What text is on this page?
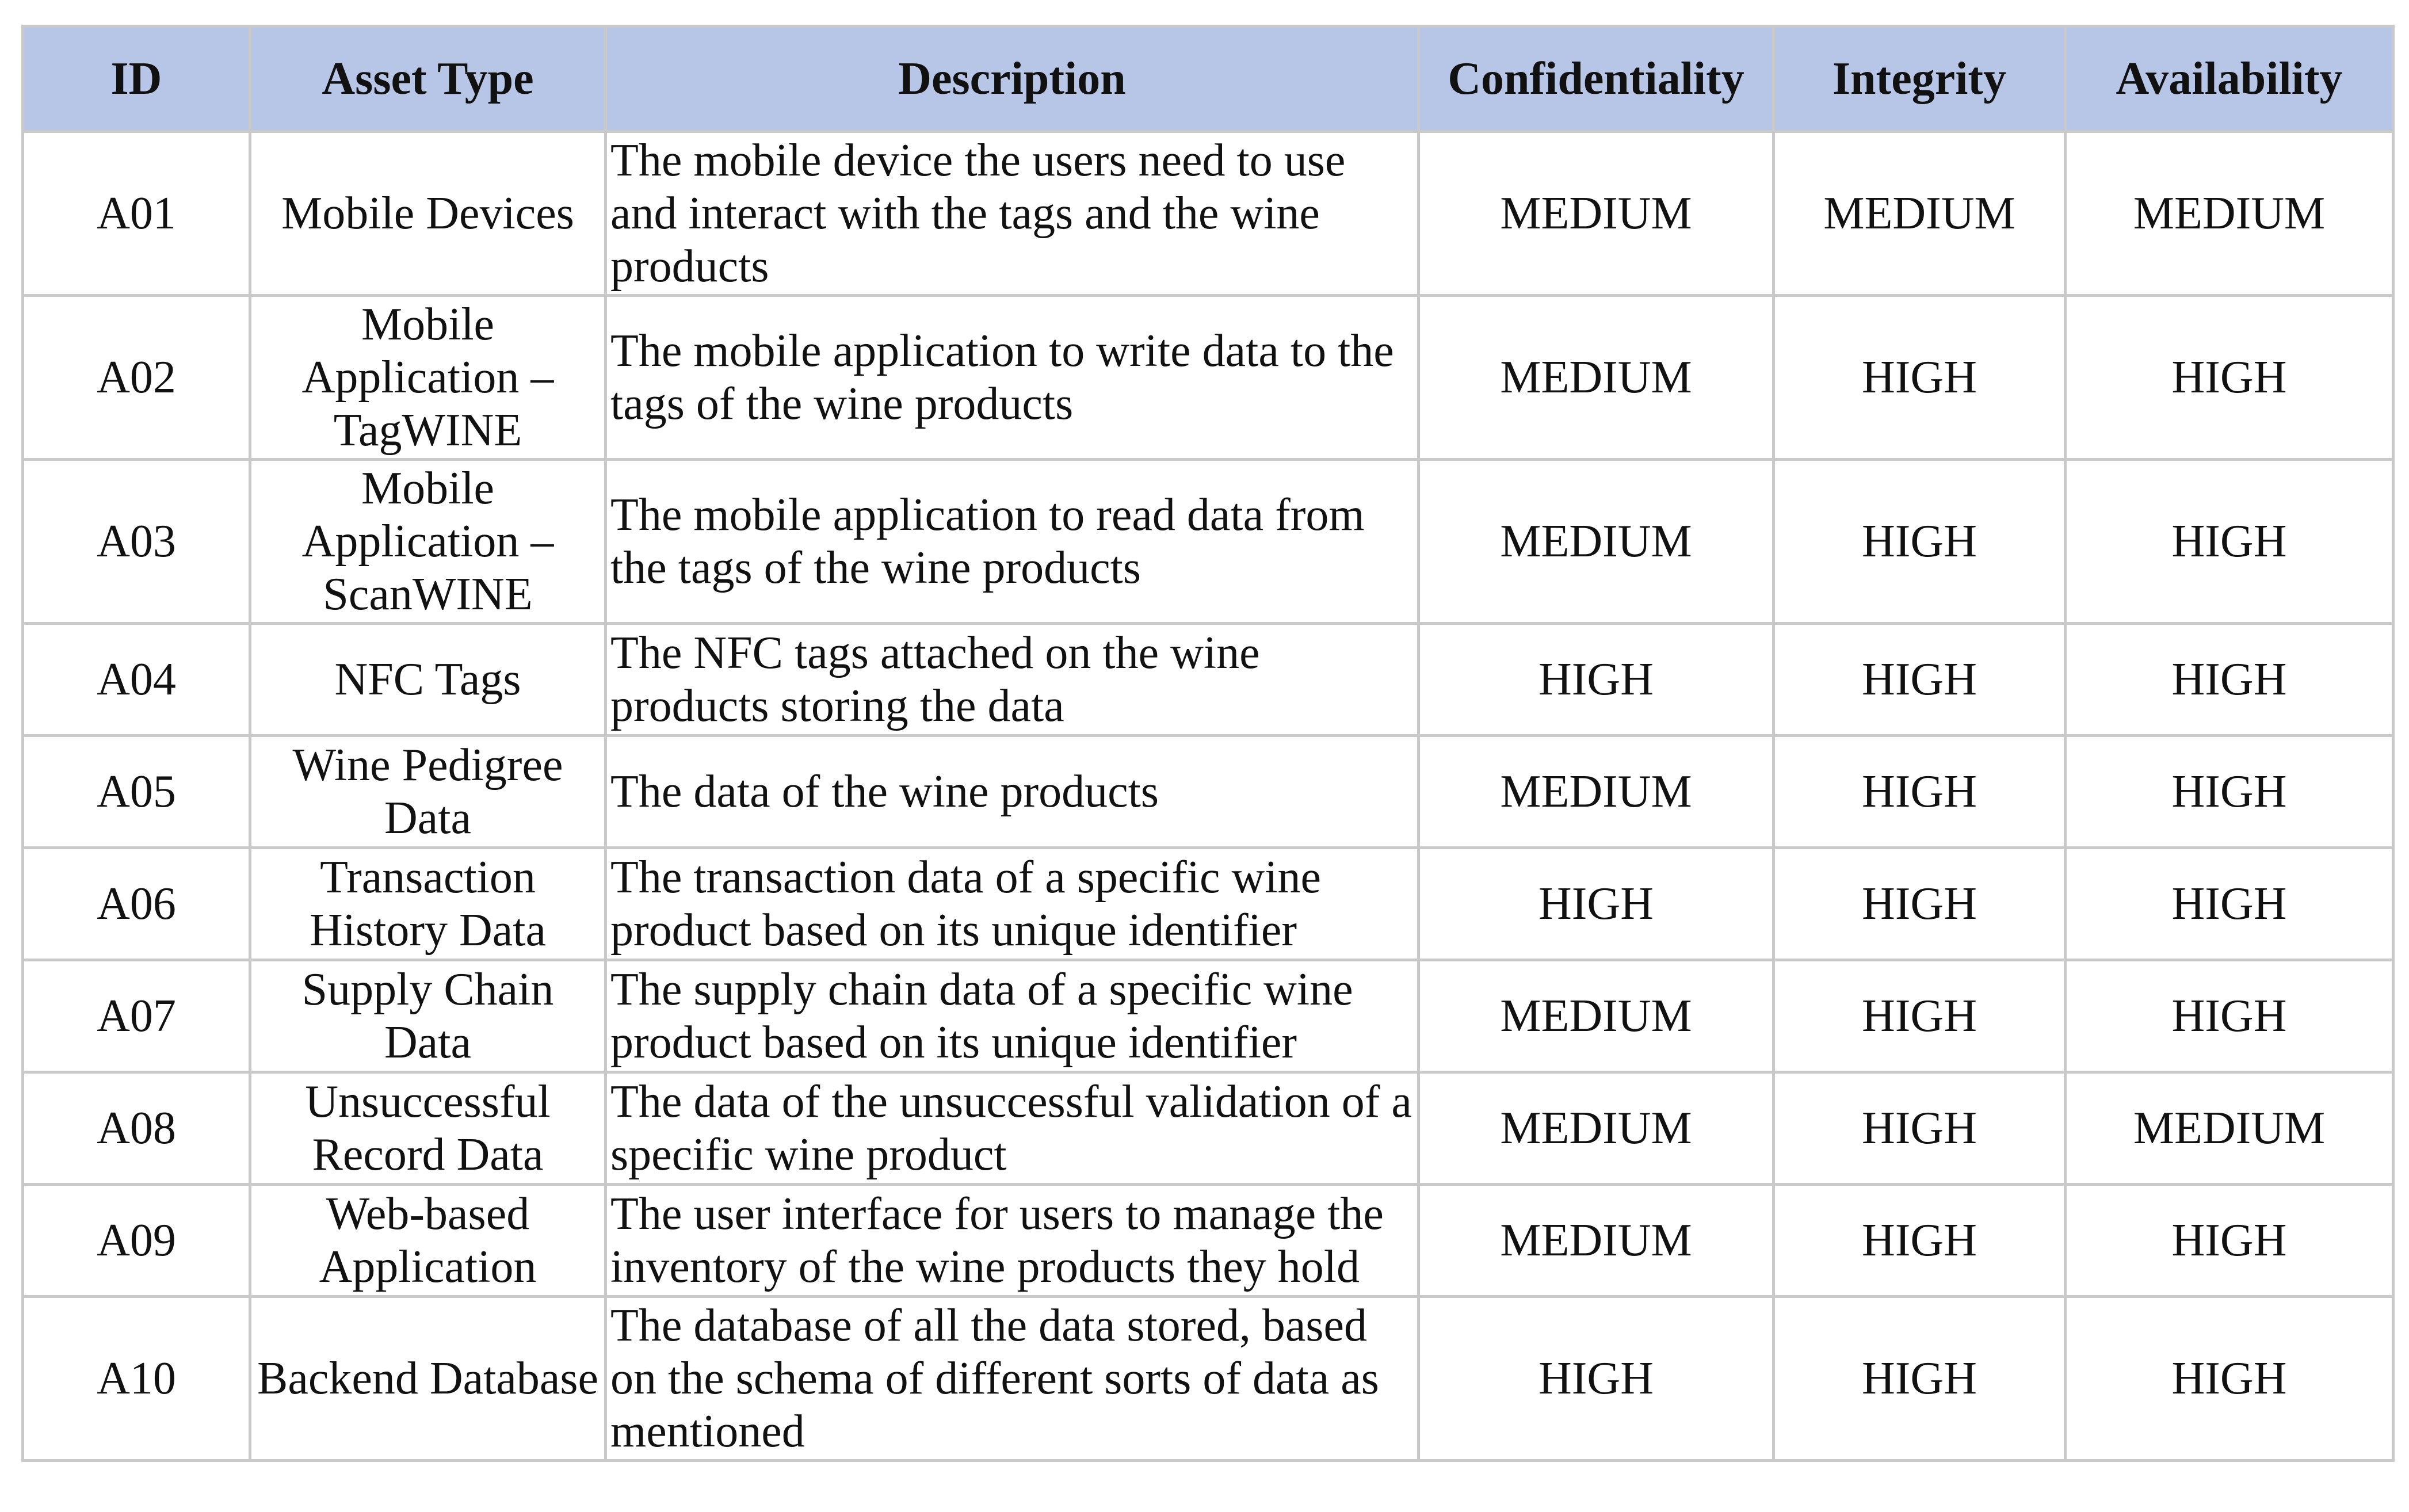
ID	Asset Type	Description	Confidentiality	Integrity	Availability
A01	Mobile Devices	The mobile device the users need to use and interact with the tags and the wine products	MEDIUM	MEDIUM	MEDIUM
A02	Mobile Application – TagWINE	The mobile application to write data to the tags of the wine products	MEDIUM	HIGH	HIGH
A03	Mobile Application – ScanWINE	The mobile application to read data from the tags of the wine products	MEDIUM	HIGH	HIGH
A04	NFC Tags	The NFC tags attached on the wine products storing the data	HIGH	HIGH	HIGH
A05	Wine Pedigree Data	The data of the wine products	MEDIUM	HIGH	HIGH
A06	Transaction History Data	The transaction data of a specific wine product based on its unique identifier	HIGH	HIGH	HIGH
A07	Supply Chain Data	The supply chain data of a specific wine product based on its unique identifier	MEDIUM	HIGH	HIGH
A08	Unsuccessful Record Data	The data of the unsuccessful validation of a specific wine product	MEDIUM	HIGH	MEDIUM
A09	Web-based Application	The user interface for users to manage the inventory of the wine products they hold	MEDIUM	HIGH	HIGH
A10	Backend Database	The database of all the data stored, based on the schema of different sorts of data as mentioned	HIGH	HIGH	HIGH
